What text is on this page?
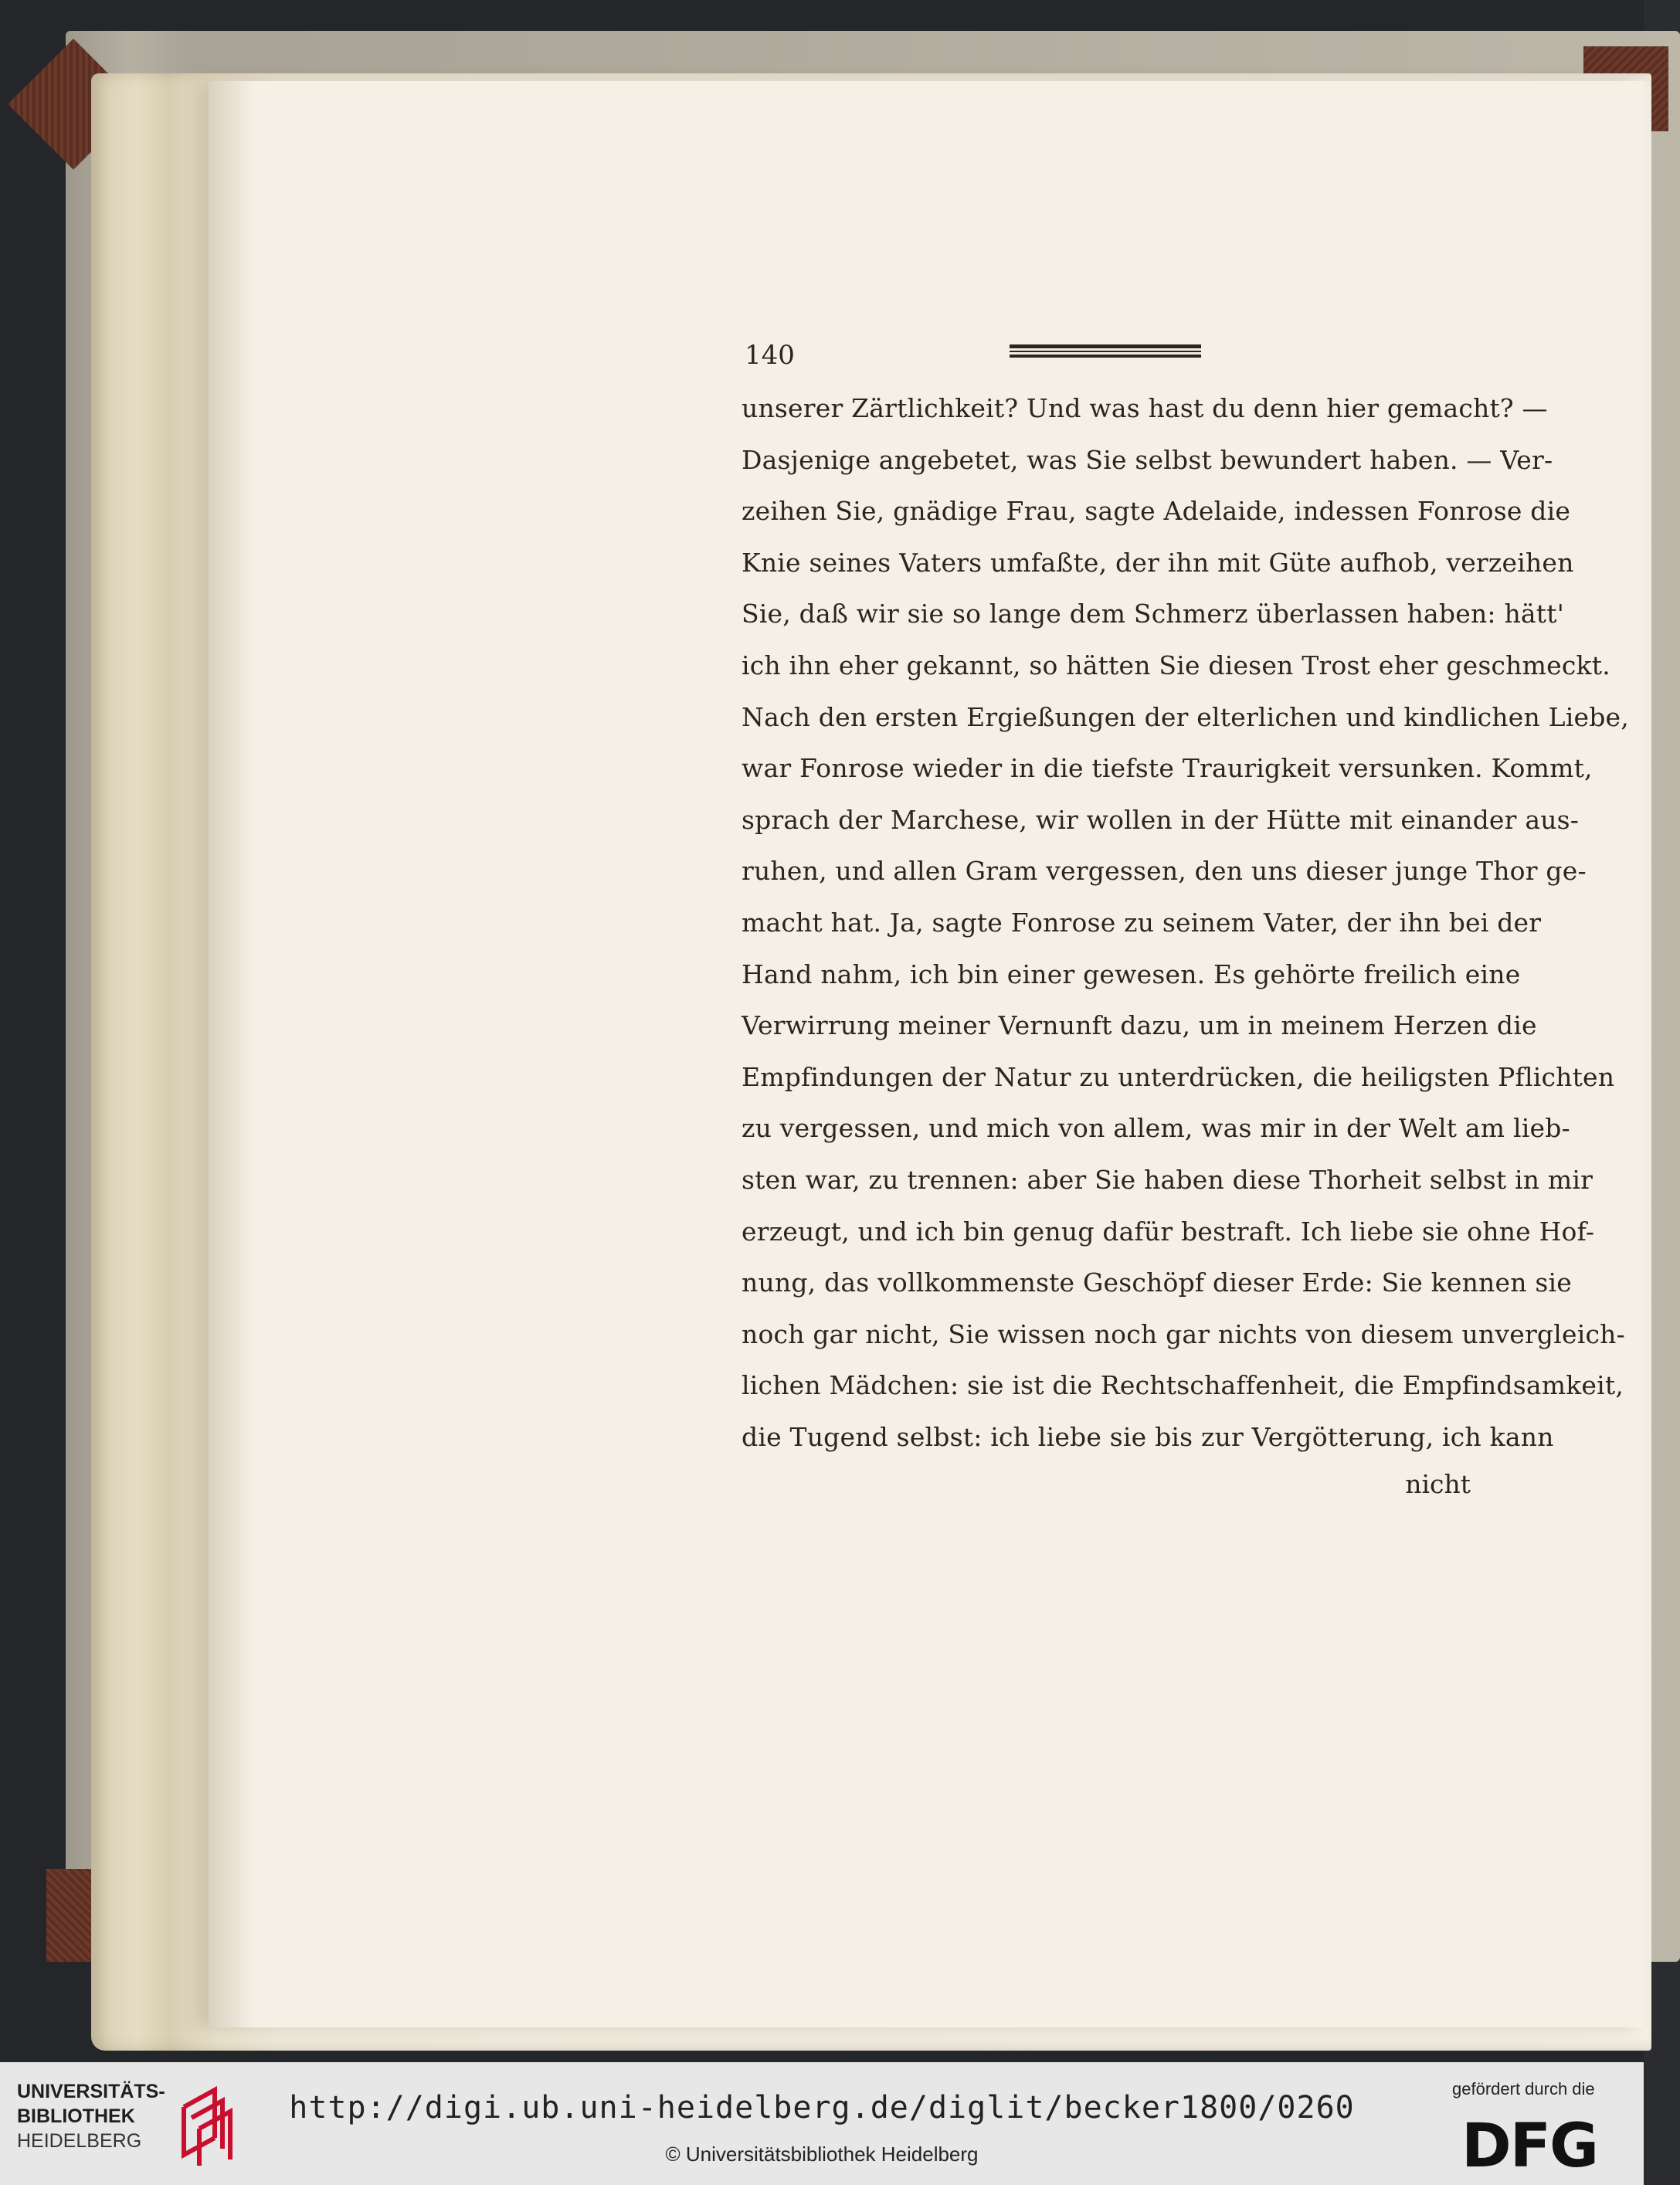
140
unserer Zärtlichkeit? Und was hast du denn hier gemacht? —
Dasjenige angebetet, was Sie selbst bewundert haben. — Ver-
zeihen Sie, gnädige Frau, sagte Adelaide, indessen Fonrose die
Knie seines Vaters umfaßte, der ihn mit Güte aufhob, verzeihen
Sie, daß wir sie so lange dem Schmerz überlassen haben: hätt'
ich ihn eher gekannt, so hätten Sie diesen Trost eher geschmeckt.
Nach den ersten Ergießungen der elterlichen und kindlichen Liebe,
war Fonrose wieder in die tiefste Traurigkeit versunken. Kommt,
sprach der Marchese, wir wollen in der Hütte mit einander aus-
ruhen, und allen Gram vergessen, den uns dieser junge Thor ge-
macht hat. Ja, sagte Fonrose zu seinem Vater, der ihn bei der
Hand nahm, ich bin einer gewesen. Es gehörte freilich eine
Verwirrung meiner Vernunft dazu, um in meinem Herzen die
Empfindungen der Natur zu unterdrücken, die heiligsten Pflichten
zu vergessen, und mich von allem, was mir in der Welt am lieb-
sten war, zu trennen: aber Sie haben diese Thorheit selbst in mir
erzeugt, und ich bin genug dafür bestraft. Ich liebe sie ohne Hof-
nung, das vollkommenste Geschöpf dieser Erde: Sie kennen sie
noch gar nicht, Sie wissen noch gar nichts von diesem unvergleich-
lichen Mädchen: sie ist die Rechtschaffenheit, die Empfindsamkeit,
die Tugend selbst: ich liebe sie bis zur Vergötterung, ich kann
nicht
UNIVERSITÄTS-
BIBLIOTHEK
HEIDELBERG
http://digi.ub.uni-heidelberg.de/diglit/becker1800/0260
© Universitätsbibliothek Heidelberg
gefördert durch die
DFG
